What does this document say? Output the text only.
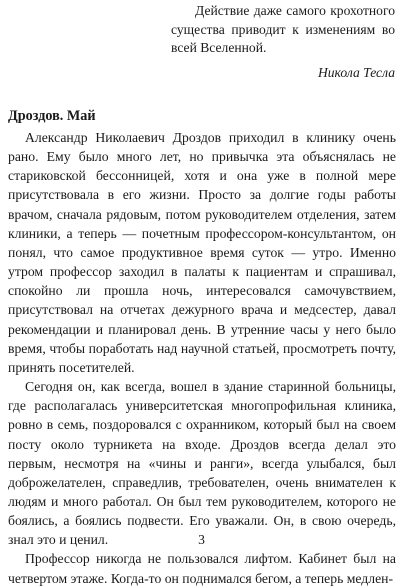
Действие даже самого крохотного существа приводит к изменениям во всей Вселенной.

Никола Тесла
Дроздов. Май

Александр Николаевич Дроздов приходил в клинику очень рано. Ему было много лет, но привычка эта объяснялась не стариковской бессонницей, хотя и она уже в полной мере присутствовала в его жизни. Просто за долгие годы работы врачом, сначала рядовым, потом руководителем отделения, затем клиники, а теперь — почетным профессором-консультантом, он понял, что самое продуктивное время суток — утро. Именно утром профессор заходил в палаты к пациентам и спрашивал, спокойно ли прошла ночь, интересовался самочувствием, присутствовал на отчетах дежурного врача и медсестер, давал рекомендации и планировал день. В утренние часы у него было время, чтобы поработать над научной статьей, просмотреть почту, принять посетителей.

Сегодня он, как всегда, вошел в здание старинной больницы, где располагалась университетская многопрофильная клиника, ровно в семь, поздоровался с охранником, который был на своем посту около турникета на входе. Дроздов всегда делал это первым, несмотря на «чины и ранги», всегда улыбался, был доброжелателен, справедлив, требователен, очень внимателен к людям и много работал. Он был тем руководителем, которого не боялись, а боялись подвести. Его уважали. Он, в свою очередь, знал это и ценил.

Профессор никогда не пользовался лифтом. Кабинет был на четвертом этаже. Когда-то он поднимался бегом, а теперь медлен-

3
